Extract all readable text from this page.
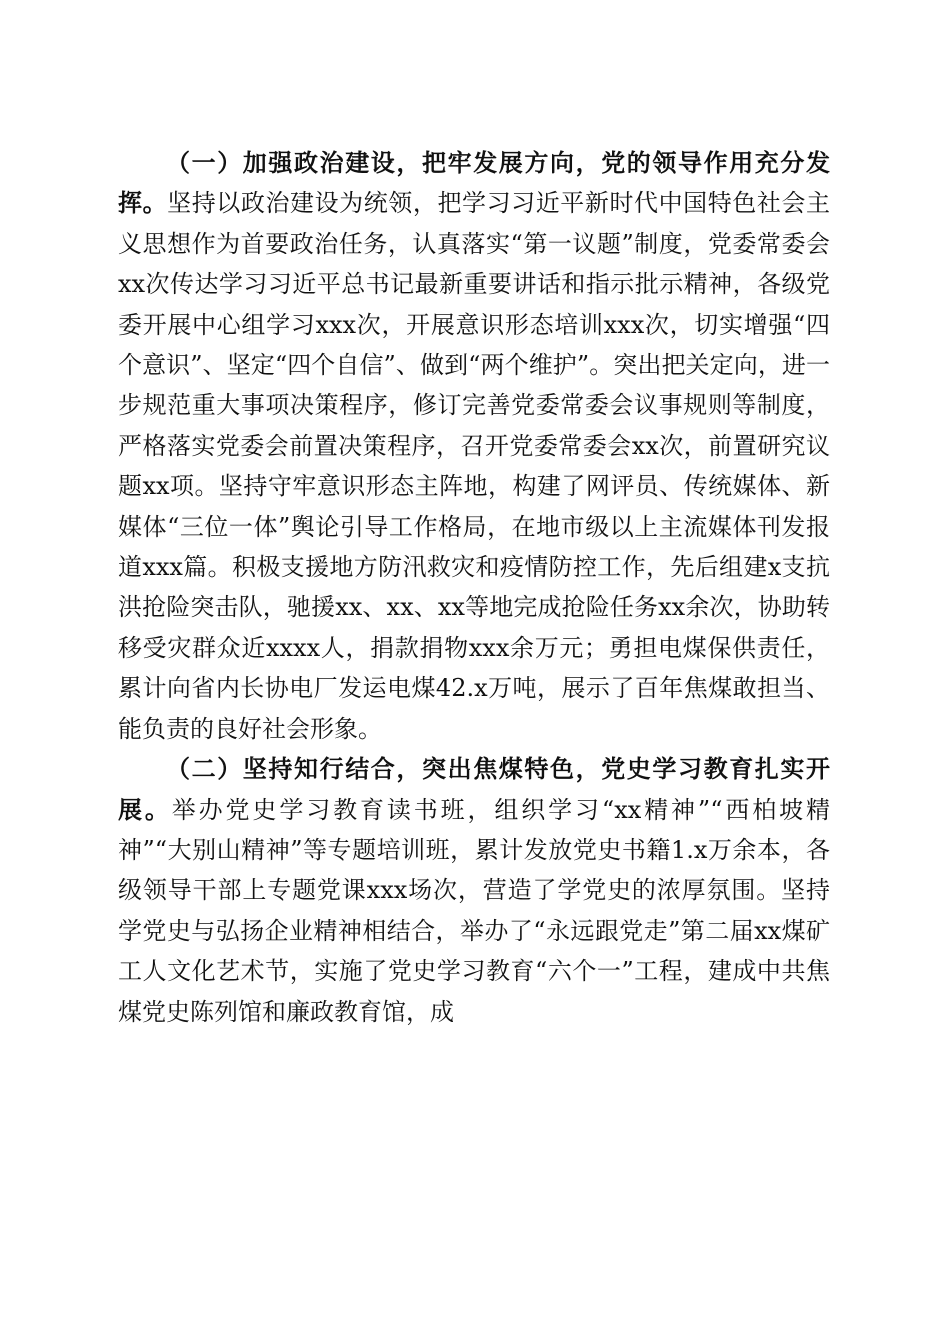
（一）加强政治建设，把牢发展方向，党的领导作用充分发挥。坚持以政治建设为统领，把学习习近平新时代中国特色社会主义思想作为首要政治任务，认真落实“第一议题”制度，党委常委会xx次传达学习习近平总书记最新重要讲话和指示批示精神，各级党委开展中心组学习xxx次，开展意识形态培训xxx次，切实增强“四个意识”、坚定“四个自信”、做到“两个维护”。突出把关定向，进一步规范重大事项决策程序，修订完善党委常委会议事规则等制度，严格落实党委会前置决策程序，召开党委常委会xx次，前置研究议题xx项。坚持守牢意识形态主阵地，构建了网评员、传统媒体、新媒体“三位一体”舆论引导工作格局，在地市级以上主流媒体刊发报道xxx篇。积极支援地方防汛救灾和疫情防控工作，先后组建x支抗洪抢险突击队，驰援xx、xx、xx等地完成抢险任务xx余次，协助转移受灾群众近xxxx人，捐款捐物xxx余万元；勇担电煤保供责任，累计向省内长协电厂发运电煤42.x万吨，展示了百年焦煤敢担当、能负责的良好社会形象。

（二）坚持知行结合，突出焦煤特色，党史学习教育扎实开展。举办党史学习教育读书班，组织学习“xx精神”“西柏坡精神”“大别山精神”等专题培训班，累计发放党史书籍1.x万余本，各级领导干部上专题党课xxx场次，营造了学党史的浓厚氛围。坚持学党史与弘扬企业精神相结合，举办了“永远跟党走”第二届xx煤矿工人文化艺术节，实施了党史学习教育“六个一”工程，建成中共焦煤党史陈列馆和廉政教育馆，成
